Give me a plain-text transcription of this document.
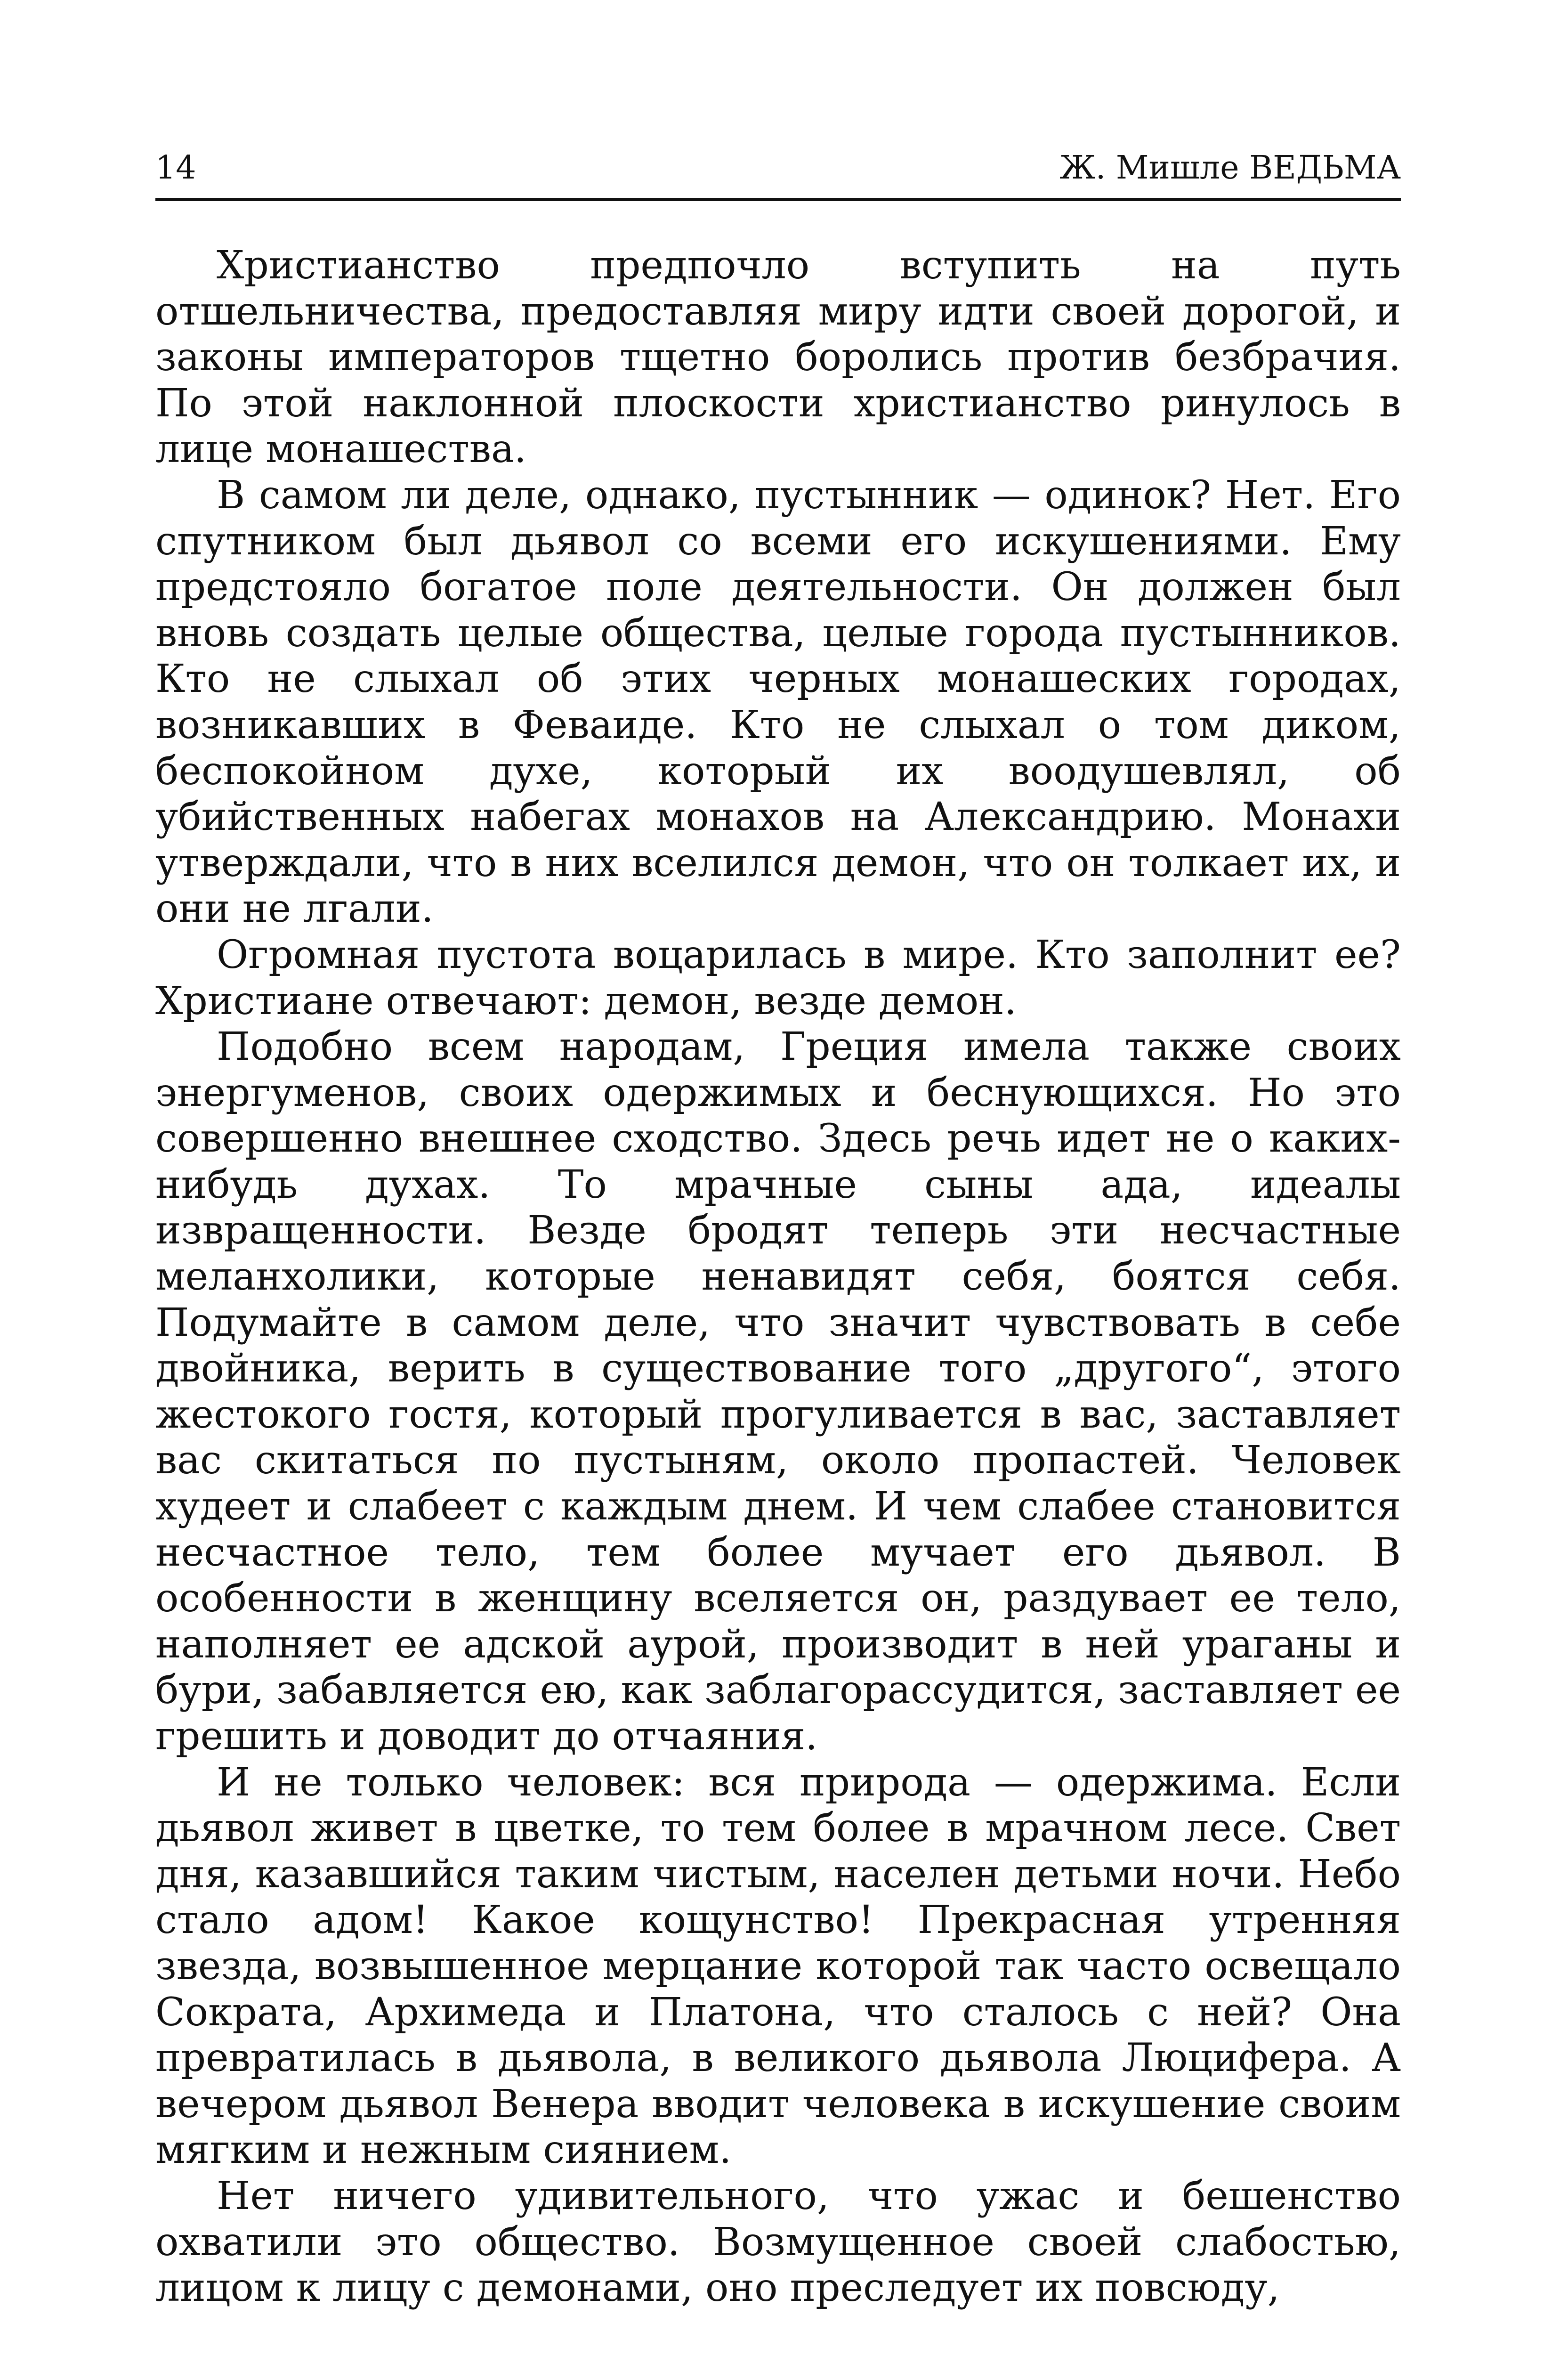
14	Ж. Мишле ВЕДЬМА

Христианство предпочло вступить на путь отшельничества, предоставляя миру идти своей дорогой, и законы императоров тщетно боролись против безбрачия. По этой наклонной плоскости христианство ринулось в лице монашества.

В самом ли деле, однако, пустынник — одинок? Нет. Его спутником был дьявол со всеми его искушениями. Ему предстояло богатое поле деятельности. Он должен был вновь создать целые общества, целые города пустынников. Кто не слыхал об этих черных монашеских городах, возникавших в Феваиде. Кто не слыхал о том диком, беспокойном духе, который их воодушевлял, об убийственных набегах монахов на Александрию. Монахи утверждали, что в них вселился демон, что он толкает их, и они не лгали.

Огромная пустота воцарилась в мире. Кто заполнит ее? Христиане отвечают: демон, везде демон.

Подобно всем народам, Греция имела также своих энергуменов, своих одержимых и беснующихся. Но это совершенно внешнее сходство. Здесь речь идет не о каких-нибудь духах. То мрачные сыны ада, идеалы извращенности. Везде бродят теперь эти несчастные меланхолики, которые ненавидят себя, боятся себя. Подумайте в самом деле, что значит чувствовать в себе двойника, верить в существование того „другого“, этого жестокого гостя, который прогуливается в вас, заставляет вас скитаться по пустыням, около пропастей. Человек худеет и слабеет с каждым днем. И чем слабее становится несчастное тело, тем более мучает его дьявол. В особенности в женщину вселяется он, раздувает ее тело, наполняет ее адской аурой, производит в ней ураганы и бури, забавляется ею, как заблагорассудится, заставляет ее грешить и доводит до отчаяния.

И не только человек: вся природа — одержима. Если дьявол живет в цветке, то тем более в мрачном лесе. Свет дня, казавшийся таким чистым, населен детьми ночи. Небо стало адом! Какое кощунство! Прекрасная утренняя звезда, возвышенное мерцание которой так часто освещало Сократа, Архимеда и Платона, что сталось с ней? Она превратилась в дьявола, в великого дьявола Люцифера. А вечером дьявол Венера вводит человека в искушение своим мягким и нежным сиянием.

Нет ничего удивительного, что ужас и бешенство охватили это общество. Возмущенное своей слабостью, лицом к лицу с демонами, оно преследует их повсюду,
